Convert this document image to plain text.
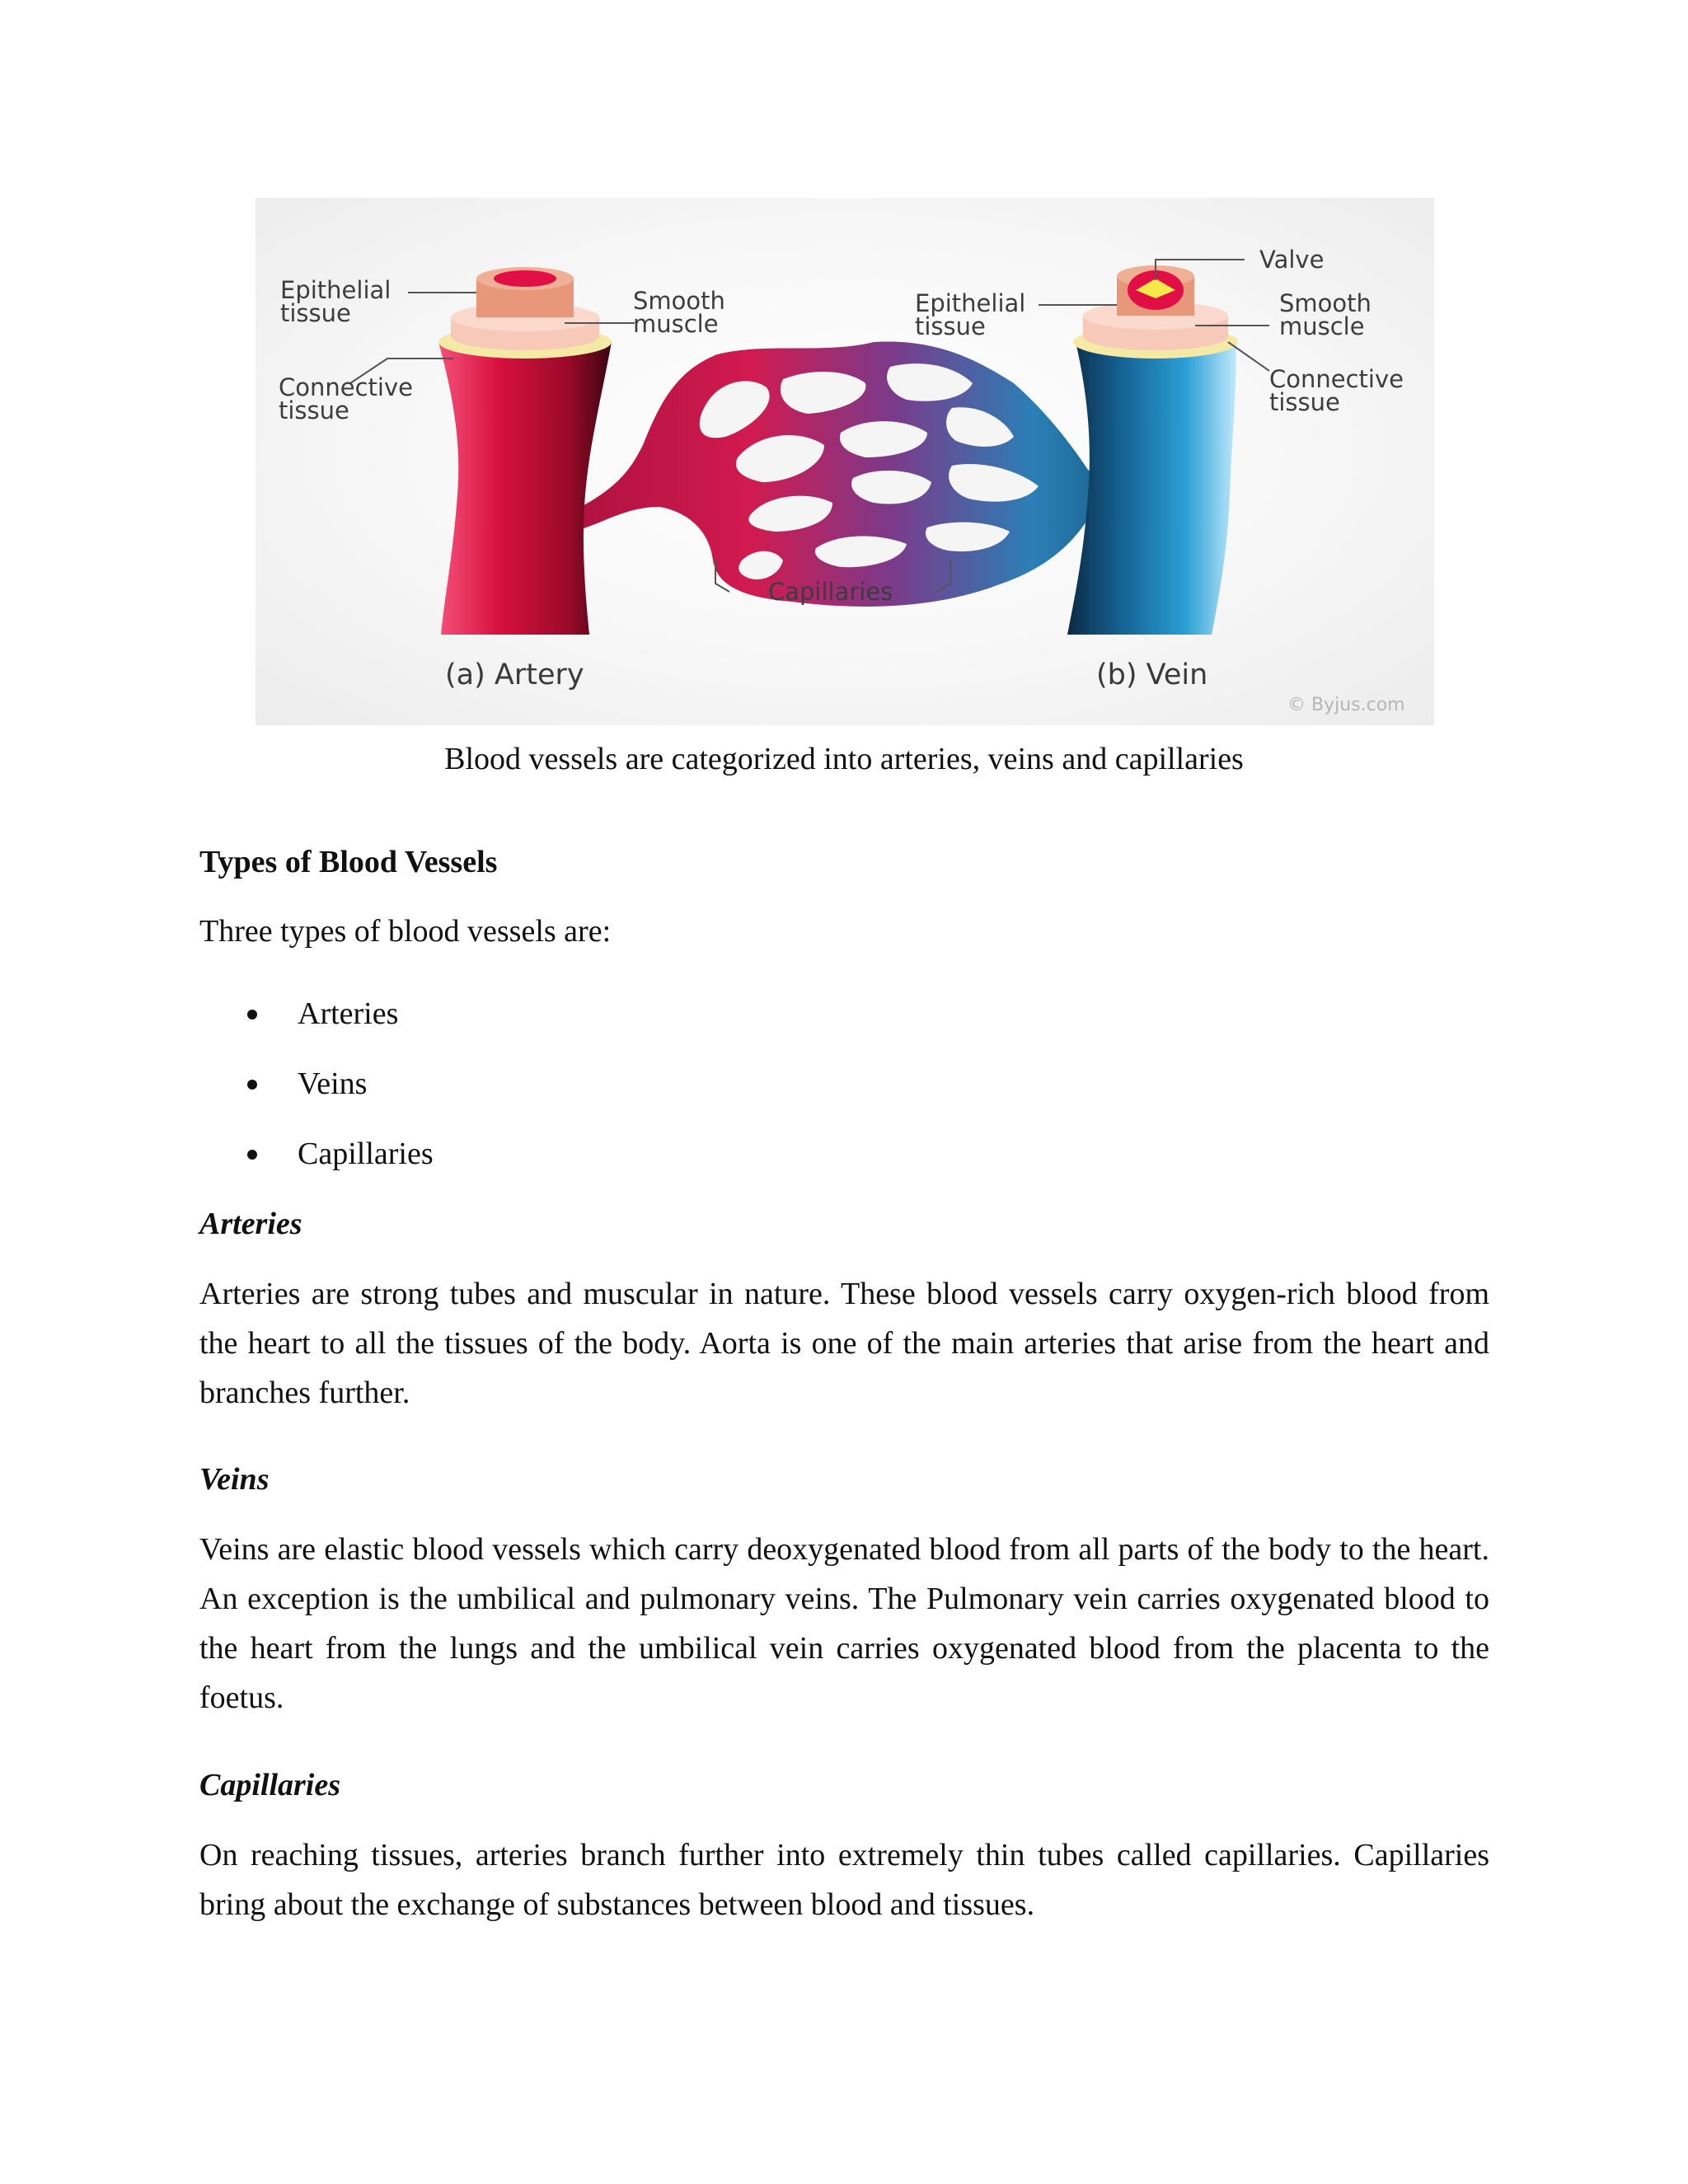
Epithelial
tissue
Connective
tissue
Smooth
muscle
Epithelial
tissue
Valve
Smooth
muscle
Connective
tissue
Capillaries
(a) Artery	(b) Vein
© Byjus.com
Blood vessels are categorized into arteries, veins and capillaries
Types of Blood Vessels
Three types of blood vessels are:
Arteries
Veins
Capillaries
Arteries
Arteries are strong tubes and muscular in nature. These blood vessels carry oxygen-rich blood from the heart to all the tissues of the body. Aorta is one of the main arteries that arise from the heart and branches further.
Veins
Veins are elastic blood vessels which carry deoxygenated blood from all parts of the body to the heart. An exception is the umbilical and pulmonary veins. The Pulmonary vein carries oxygenated blood to the heart from the lungs and the umbilical vein carries oxygenated blood from the placenta to the foetus.
Capillaries
On reaching tissues, arteries branch further into extremely thin tubes called capillaries. Capillaries bring about the exchange of substances between blood and tissues.
